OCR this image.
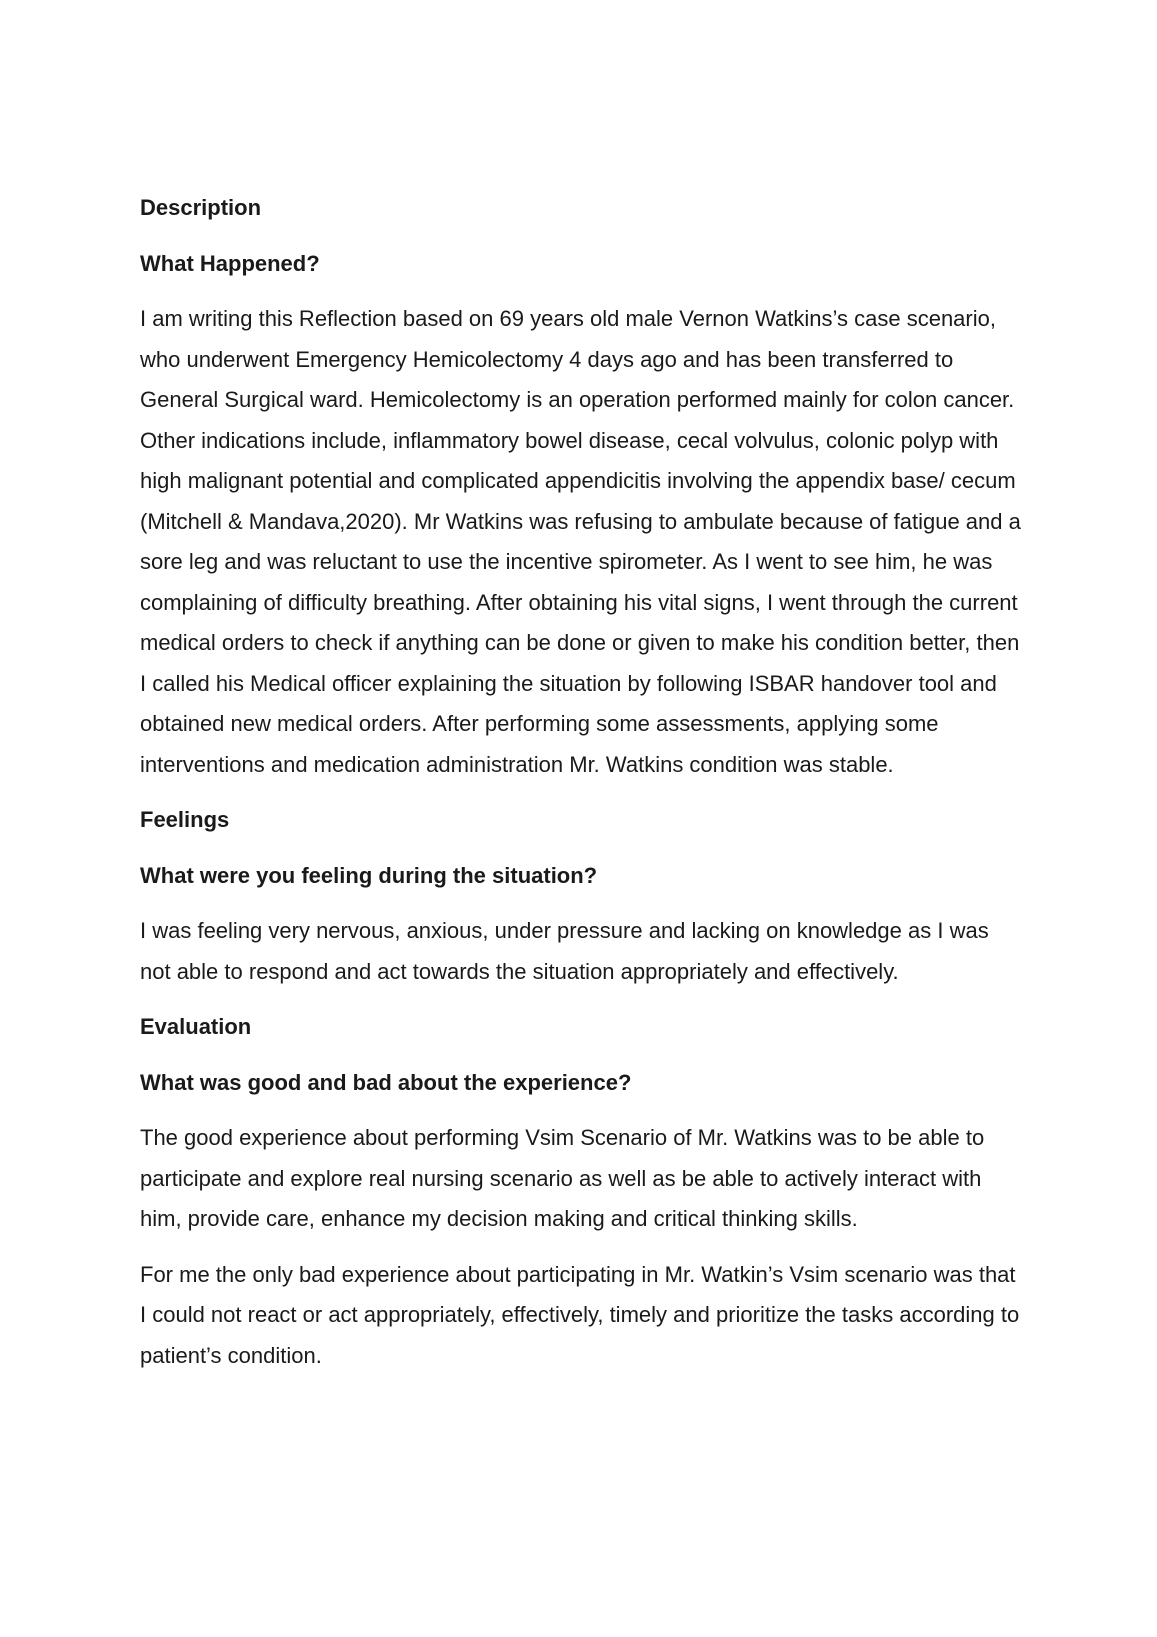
Description

What Happened?

I am writing this Reflection based on 69 years old male Vernon Watkins’s case scenario, who underwent Emergency Hemicolectomy 4 days ago and has been transferred to General Surgical ward. Hemicolectomy is an operation performed mainly for colon cancer. Other indications include, inflammatory bowel disease, cecal volvulus, colonic polyp with high malignant potential and complicated appendicitis involving the appendix base/ cecum (Mitchell & Mandava,2020). Mr Watkins was refusing to ambulate because of fatigue and a sore leg and was reluctant to use the incentive spirometer. As I went to see him, he was complaining of difficulty breathing. After obtaining his vital signs, I went through the current medical orders to check if anything can be done or given to make his condition better, then I called his Medical officer explaining the situation by following ISBAR handover tool and obtained new medical orders. After performing some assessments, applying some interventions and medication administration Mr. Watkins condition was stable.

Feelings

What were you feeling during the situation?

I was feeling very nervous, anxious, under pressure and lacking on knowledge as I was not able to respond and act towards the situation appropriately and effectively.

Evaluation

What was good and bad about the experience?

The good experience about performing Vsim Scenario of Mr. Watkins was to be able to participate and explore real nursing scenario as well as be able to actively interact with him, provide care, enhance my decision making and critical thinking skills.

For me the only bad experience about participating in Mr. Watkin’s Vsim scenario was that I could not react or act appropriately, effectively, timely and prioritize the tasks according to patient’s condition.
